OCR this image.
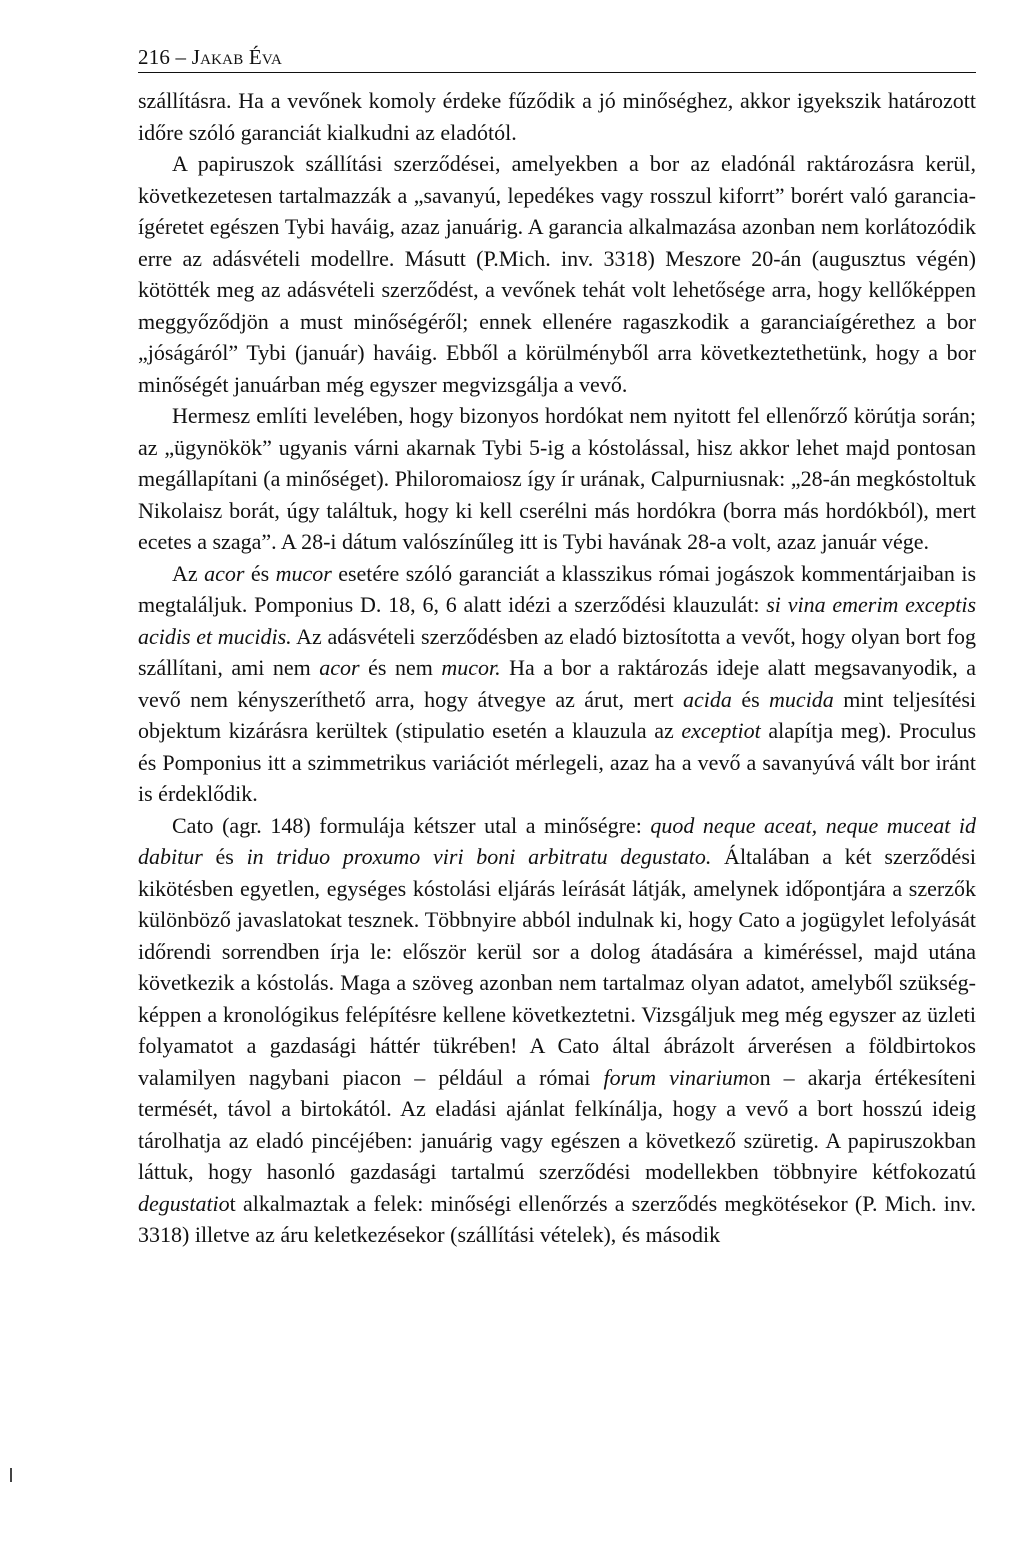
216 – Jakab Éva

szállításra. Ha a vevőnek komoly érdeke fűződik a jó minőséghez, akkor igyekszik határozott időre szóló garanciát kialkudni az eladótól.

A papiruszok szállítási szerződései, amelyekben a bor az eladónál raktározásra kerül, következetesen tartalmazzák a „savanyú, lepedékes vagy rosszul kiforrt” borért való garancia-ígéretet egészen Tybi haváig, azaz januárig. A garancia alkalmazása azonban nem korlátozódik erre az adásvételi modellre. Másutt (P.Mich. inv. 3318) Meszore 20-án (augusztus végén) kötötték meg az adásvételi szerződést, a vevőnek tehát volt lehetősége arra, hogy kellőképpen meggyőződjön a must minőségéről; ennek ellenére ragaszkodik a garanciaígérethez a bor „jóságáról” Tybi (január) haváig. Ebből a körülményből arra következtethetünk, hogy a bor minőségét januárban még egyszer megvizsgálja a vevő.

Hermesz említi levelében, hogy bizonyos hordókat nem nyitott fel ellenőrző körútja során; az „ügynökök” ugyanis várni akarnak Tybi 5-ig a kóstolással, hisz akkor lehet majd pontosan megállapítani (a minőséget). Philoromaiosz így ír urának, Calpurniusnak: „28-án megkóstoltuk Nikolaisz borát, úgy találtuk, hogy ki kell cserélni más hordókra (borra más hordókból), mert ecetes a szaga”. A 28-i dátum valószínűleg itt is Tybi havának 28-a volt, azaz január vége.

Az acor és mucor esetére szóló garanciát a klasszikus római jogászok kommentárjaiban is megtaláljuk. Pomponius D. 18, 6, 6 alatt idézi a szerződési klauzulát: si vina emerim exceptis acidis et mucidis. Az adásvételi szerződésben az eladó biztosította a vevőt, hogy olyan bort fog szállítani, ami nem acor és nem mucor. Ha a bor a raktározás ideje alatt megsavanyodik, a vevő nem kényszeríthető arra, hogy átvegye az árut, mert acida és mucida mint teljesítési objektum kizárásra kerültek (stipulatio esetén a klauzula az exceptiot alapítja meg). Proculus és Pomponius itt a szimmetrikus variációt mérlegeli, azaz ha a vevő a savanyúvá vált bor iránt is érdeklődik.

Cato (agr. 148) formulája kétszer utal a minőségre: quod neque aceat, neque muceat id dabitur és in triduo proxumo viri boni arbitratu degustato. Általában a két szerződési kikötésben egyetlen, egységes kóstolási eljárás leírását látják, amelynek időpontjára a szerzők különböző javaslatokat tesznek. Többnyire abból indulnak ki, hogy Cato a jogügylet lefolyását időrendi sorrendben írja le: először kerül sor a dolog átadására a kiméréssel, majd utána következik a kóstolás. Maga a szöveg azonban nem tartalmaz olyan adatot, amelyből szükségképpen a kronológikus felépítésre kellene következtetni. Vizsgáljuk meg még egyszer az üzleti folyamatot a gazdasági háttér tükrében! A Cato által ábrázolt árverésen a földbirtokos valamilyen nagybani piacon – például a római forum vinariumon – akarja értékesíteni termését, távol a birtokától. Az eladási ajánlat felkínálja, hogy a vevő a bort hosszú ideig tárolhatja az eladó pincéjében: januárig vagy egészen a következő szüretig. A papiruszokban láttuk, hogy hasonló gazdasági tartalmú szerződési modellekben többnyire kétfokozatú degustatiot alkalmaztak a felek: minőségi ellenőrzés a szerződés megkötésekor (P. Mich. inv. 3318) illetve az áru keletkezésekor (szállítási vételek), és második
